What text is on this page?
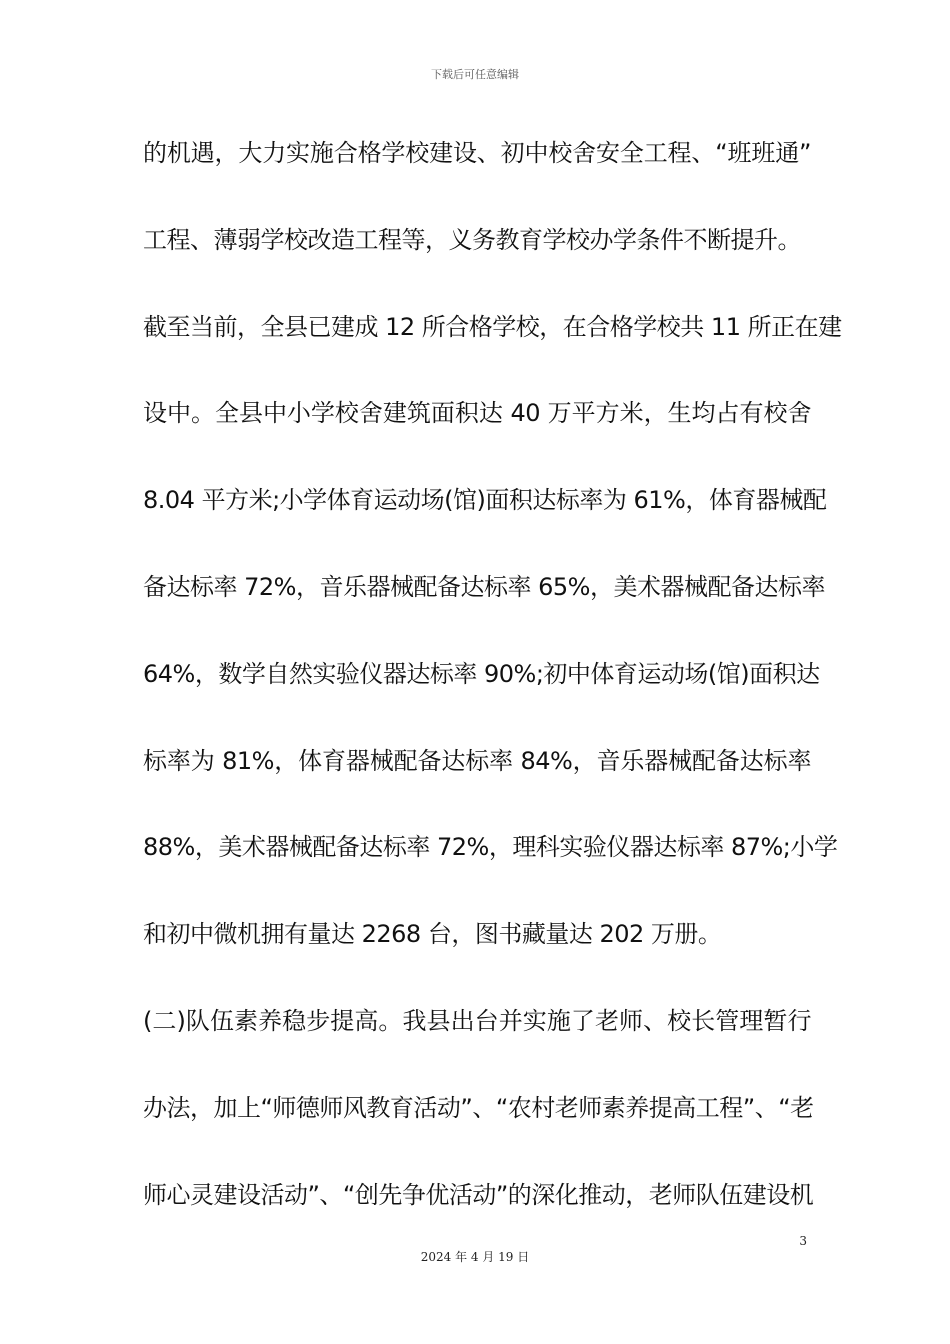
下载后可任意编辑
的机遇，大力实施合格学校建设、初中校舍安全工程、“班班通”
工程、薄弱学校改造工程等，义务教育学校办学条件不断提升。
截至当前，全县已建成 12 所合格学校，在合格学校共 11 所正在建
设中。全县中小学校舍建筑面积达 40 万平方米，生均占有校舍
8.04 平方米;小学体育运动场(馆)面积达标率为 61%，体育器械配
备达标率 72%，音乐器械配备达标率 65%，美术器械配备达标率
64%，数学自然实验仪器达标率 90%;初中体育运动场(馆)面积达
标率为 81%，体育器械配备达标率 84%，音乐器械配备达标率
88%，美术器械配备达标率 72%，理科实验仪器达标率 87%;小学
和初中微机拥有量达 2268 台，图书藏量达 202 万册。
(二)队伍素养稳步提高。我县出台并实施了老师、校长管理暂行
办法，加上“师德师风教育活动”、“农村老师素养提高工程”、“老
师心灵建设活动”、“创先争优活动”的深化推动，老师队伍建设机
3
2024 年 4 月 19 日
